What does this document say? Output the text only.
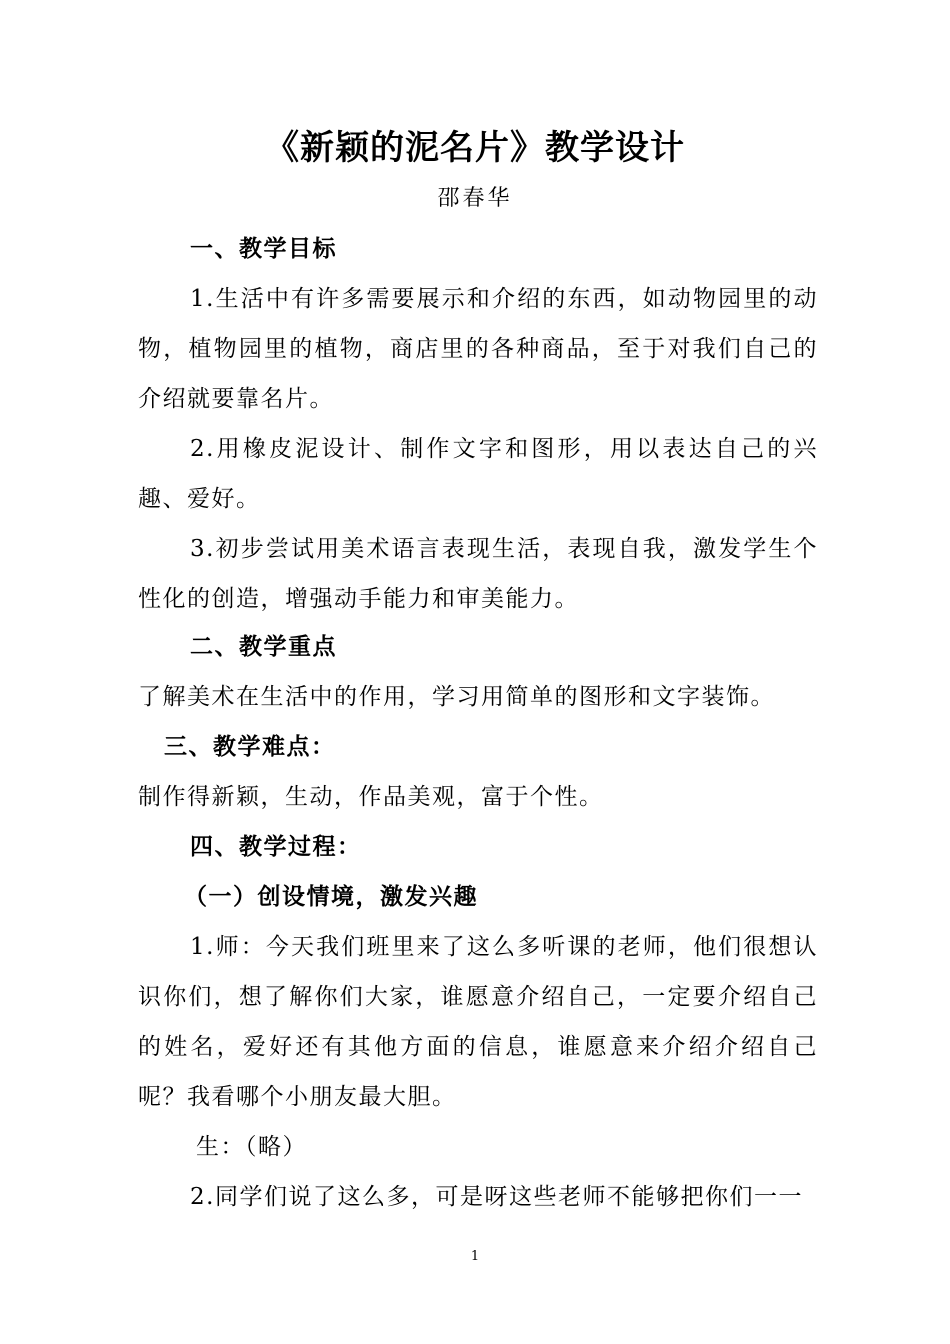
《新颖的泥名片》教学设计
邵春华
一、教学目标
1.生活中有许多需要展示和介绍的东西，如动物园里的动物，植物园里的植物，商店里的各种商品，至于对我们自己的介绍就要靠名片。
2.用橡皮泥设计、制作文字和图形，用以表达自己的兴趣、爱好。
3.初步尝试用美术语言表现生活，表现自我，激发学生个性化的创造，增强动手能力和审美能力。
二、教学重点
了解美术在生活中的作用，学习用简单的图形和文字装饰。
三、教学难点：
制作得新颖，生动，作品美观，富于个性。
四、教学过程：
（一）创设情境，激发兴趣
1.师：今天我们班里来了这么多听课的老师，他们很想认识你们，想了解你们大家，谁愿意介绍自己，一定要介绍自己的姓名，爱好还有其他方面的信息，谁愿意来介绍介绍自己呢？我看哪个小朋友最大胆。
生：（略）
2.同学们说了这么多，可是呀这些老师不能够把你们一一
1
